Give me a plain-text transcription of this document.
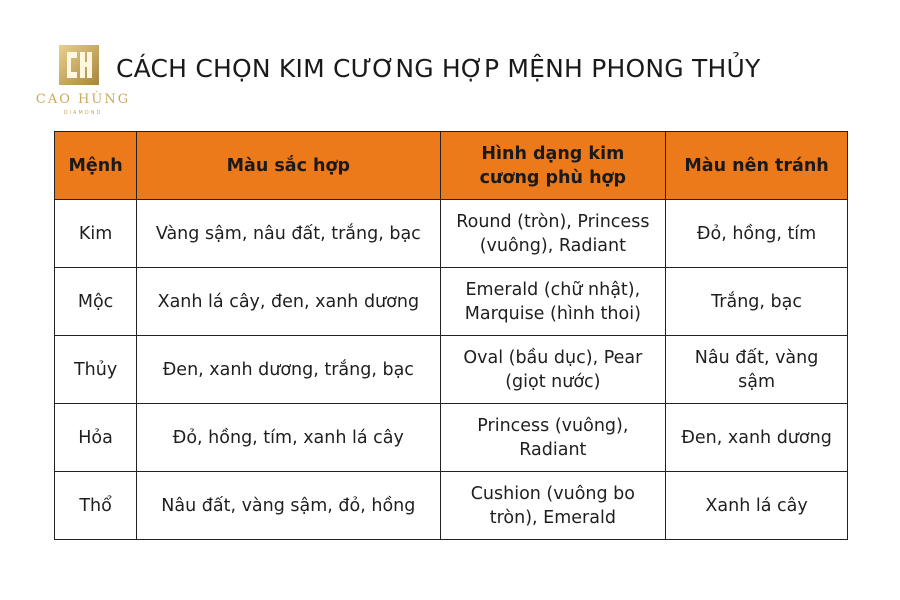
CAO HÙNG
DIAMOND
CÁCH CHỌN KIM CƯƠNG HỢP MỆNH PHONG THỦY
Mệnh	Màu sắc hợp	Hình dạng kim cương phù hợp	Màu nên tránh
Kim	Vàng sậm, nâu đất, trắng, bạc	Round (tròn), Princess (vuông), Radiant	Đỏ, hồng, tím
Mộc	Xanh lá cây, đen, xanh dương	Emerald (chữ nhật), Marquise (hình thoi)	Trắng, bạc
Thủy	Đen, xanh dương, trắng, bạc	Oval (bầu dục), Pear (giọt nước)	Nâu đất, vàng sậm
Hỏa	Đỏ, hồng, tím, xanh lá cây	Princess (vuông), Radiant	Đen, xanh dương
Thổ	Nâu đất, vàng sậm, đỏ, hồng	Cushion (vuông bo tròn), Emerald	Xanh lá cây
